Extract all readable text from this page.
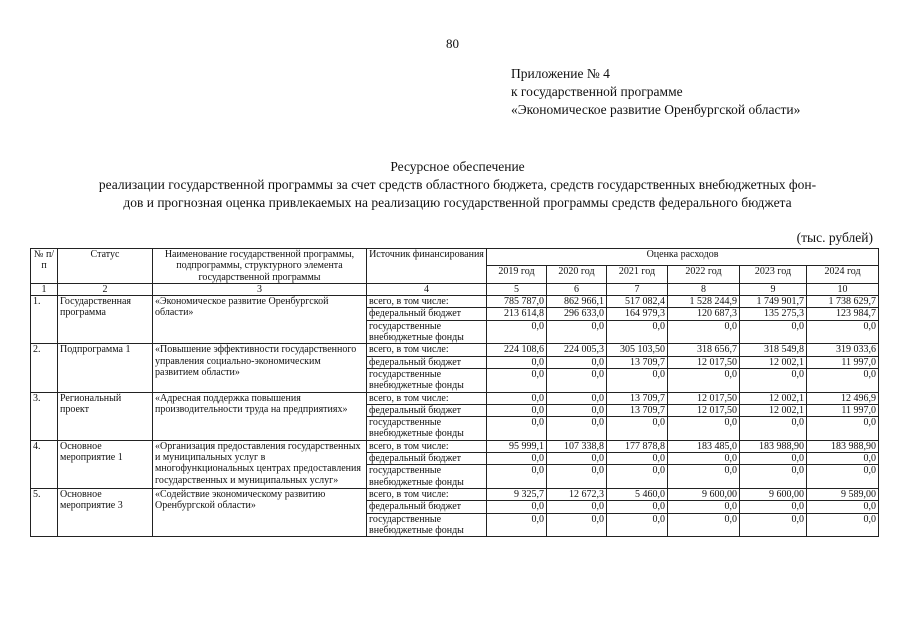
80
Приложение № 4
к государственной программе
«Экономическое развитие Оренбургской области»
Ресурсное обеспечение
реализации государственной программы за счет средств областного бюджета, средств государственных внебюджетных фон-
дов и прогнозная оценка привлекаемых на реализацию государственной программы средств федерального бюджета
(тыс. рублей)
№ п/п	Статус	Наименование государственной программы, подпрограммы, структурного элемента государственной программы	Источник финансирования	Оценка расходов					
				2019 год	2020 год	2021 год	2022 год	2023 год	2024 год
1	2	3	4	5	6	7	8	9	10
1.	Государственная программа	«Экономическое развитие Оренбургской области»	всего, в том числе:	785 787,0	862 966,1	517 082,4	1 528 244,9	1 749 901,7	1 738 629,7
			федеральный бюджет	213 614,8	296 633,0	164 979,3	120 687,3	135 275,3	123 984,7
			государственные внебюджетные фонды	0,0	0,0	0,0	0,0	0,0	0,0
2.	Подпрограмма 1	«Повышение эффективности государственного управления социально-экономическим развитием области»	всего, в том числе:	224 108,6	224 005,3	305 103,50	318 656,7	318 549,8	319 033,6
			федеральный бюджет	0,0	0,0	13 709,7	12 017,50	12 002,1	11 997,0
			государственные внебюджетные фонды	0,0	0,0	0,0	0,0	0,0	0,0
3.	Региональный проект	«Адресная поддержка повышения производительности труда на предприятиях»	всего, в том числе:	0,0	0,0	13 709,7	12 017,50	12 002,1	12 496,9
			федеральный бюджет	0,0	0,0	13 709,7	12 017,50	12 002,1	11 997,0
			государственные внебюджетные фонды	0,0	0,0	0,0	0,0	0,0	0,0
4.	Основное мероприятие 1	«Организация предоставления государственных и муниципальных услуг в многофункциональных центрах предоставления государственных и муниципальных услуг»	всего, в том числе:	95 999,1	107 338,8	177 878,8	183 485,0	183 988,90	183 988,90
			федеральный бюджет	0,0	0,0	0,0	0,0	0,0	0,0
			государственные внебюджетные фонды	0,0	0,0	0,0	0,0	0,0	0,0
5.	Основное мероприятие 3	«Содействие экономическому развитию Оренбургской области»	всего, в том числе:	9 325,7	12 672,3	5 460,0	9 600,00	9 600,00	9 589,00
			федеральный бюджет	0,0	0,0	0,0	0,0	0,0	0,0
			государственные внебюджетные фонды	0,0	0,0	0,0	0,0	0,0	0,0
